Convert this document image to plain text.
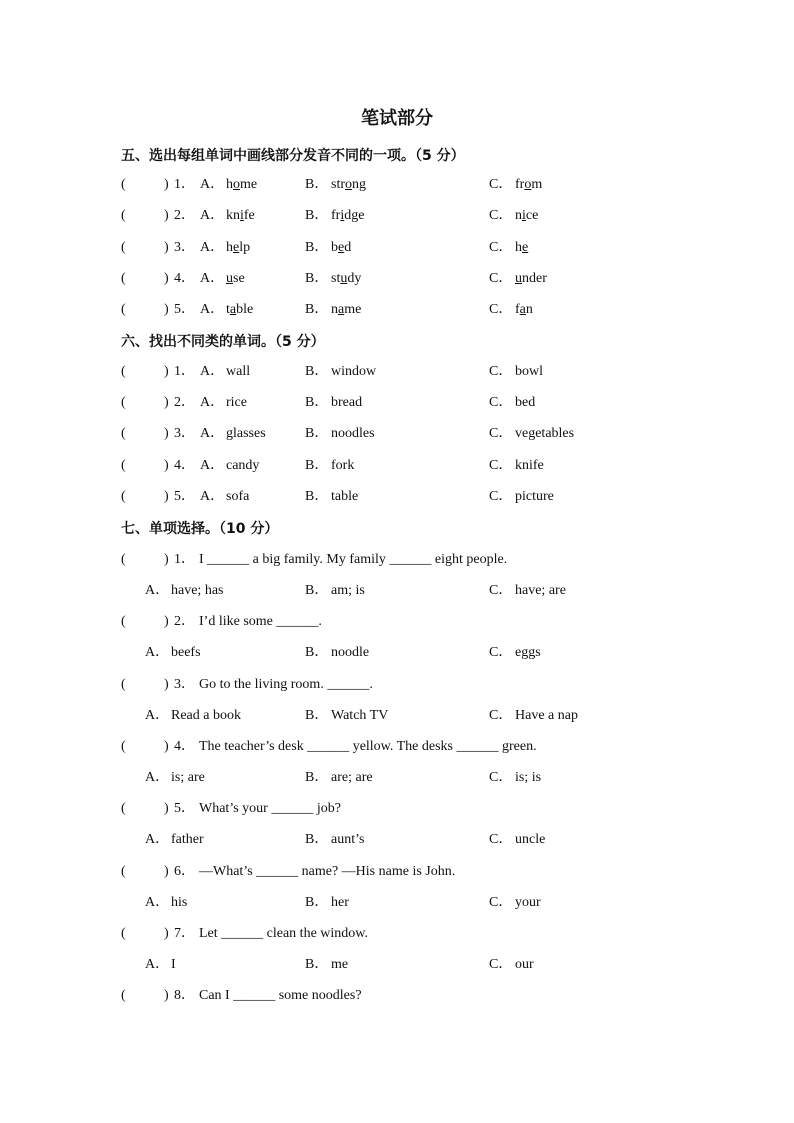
笔试部分
五、选出每组单词中画线部分发音不同的一项。（5 分）
(	) 1． A． home	B． strong	C． from
(	) 2． A． knife	B． fridge	C． nice
(	) 3． A． help	B． bed	C． he
(	) 4． A． use	B． study	C． under
(	) 5． A． table	B． name	C． fan
六、找出不同类的单词。（5 分）
(	) 1． A． wall	B． window	C． bowl
(	) 2． A． rice	B． bread	C． bed
(	) 3． A． glasses	B． noodles	C． vegetables
(	) 4． A． candy	B． fork	C． knife
(	) 5． A． sofa	B． table	C． picture
七、单项选择。（10 分）
(	) 1． I ______ a big family. My family ______ eight people.
A． have; has	B． am; is	C． have; are
(	) 2． I’d like some ______.
A． beefs	B． noodle	C． eggs
(	) 3． Go to the living room. ______.
A． Read a book	B． Watch TV	C． Have a nap
(	) 4． The teacher’s desk ______ yellow. The desks ______ green.
A． is; are	B． are; are	C． is; is
(	) 5． What’s your ______ job?
A． father	B． aunt’s	C． uncle
(	) 6． —What’s ______ name? —His name is John.
A． his	B． her	C． your
(	) 7． Let ______ clean the window.
A． I	B． me	C． our
(	) 8． Can I ______ some noodles?
